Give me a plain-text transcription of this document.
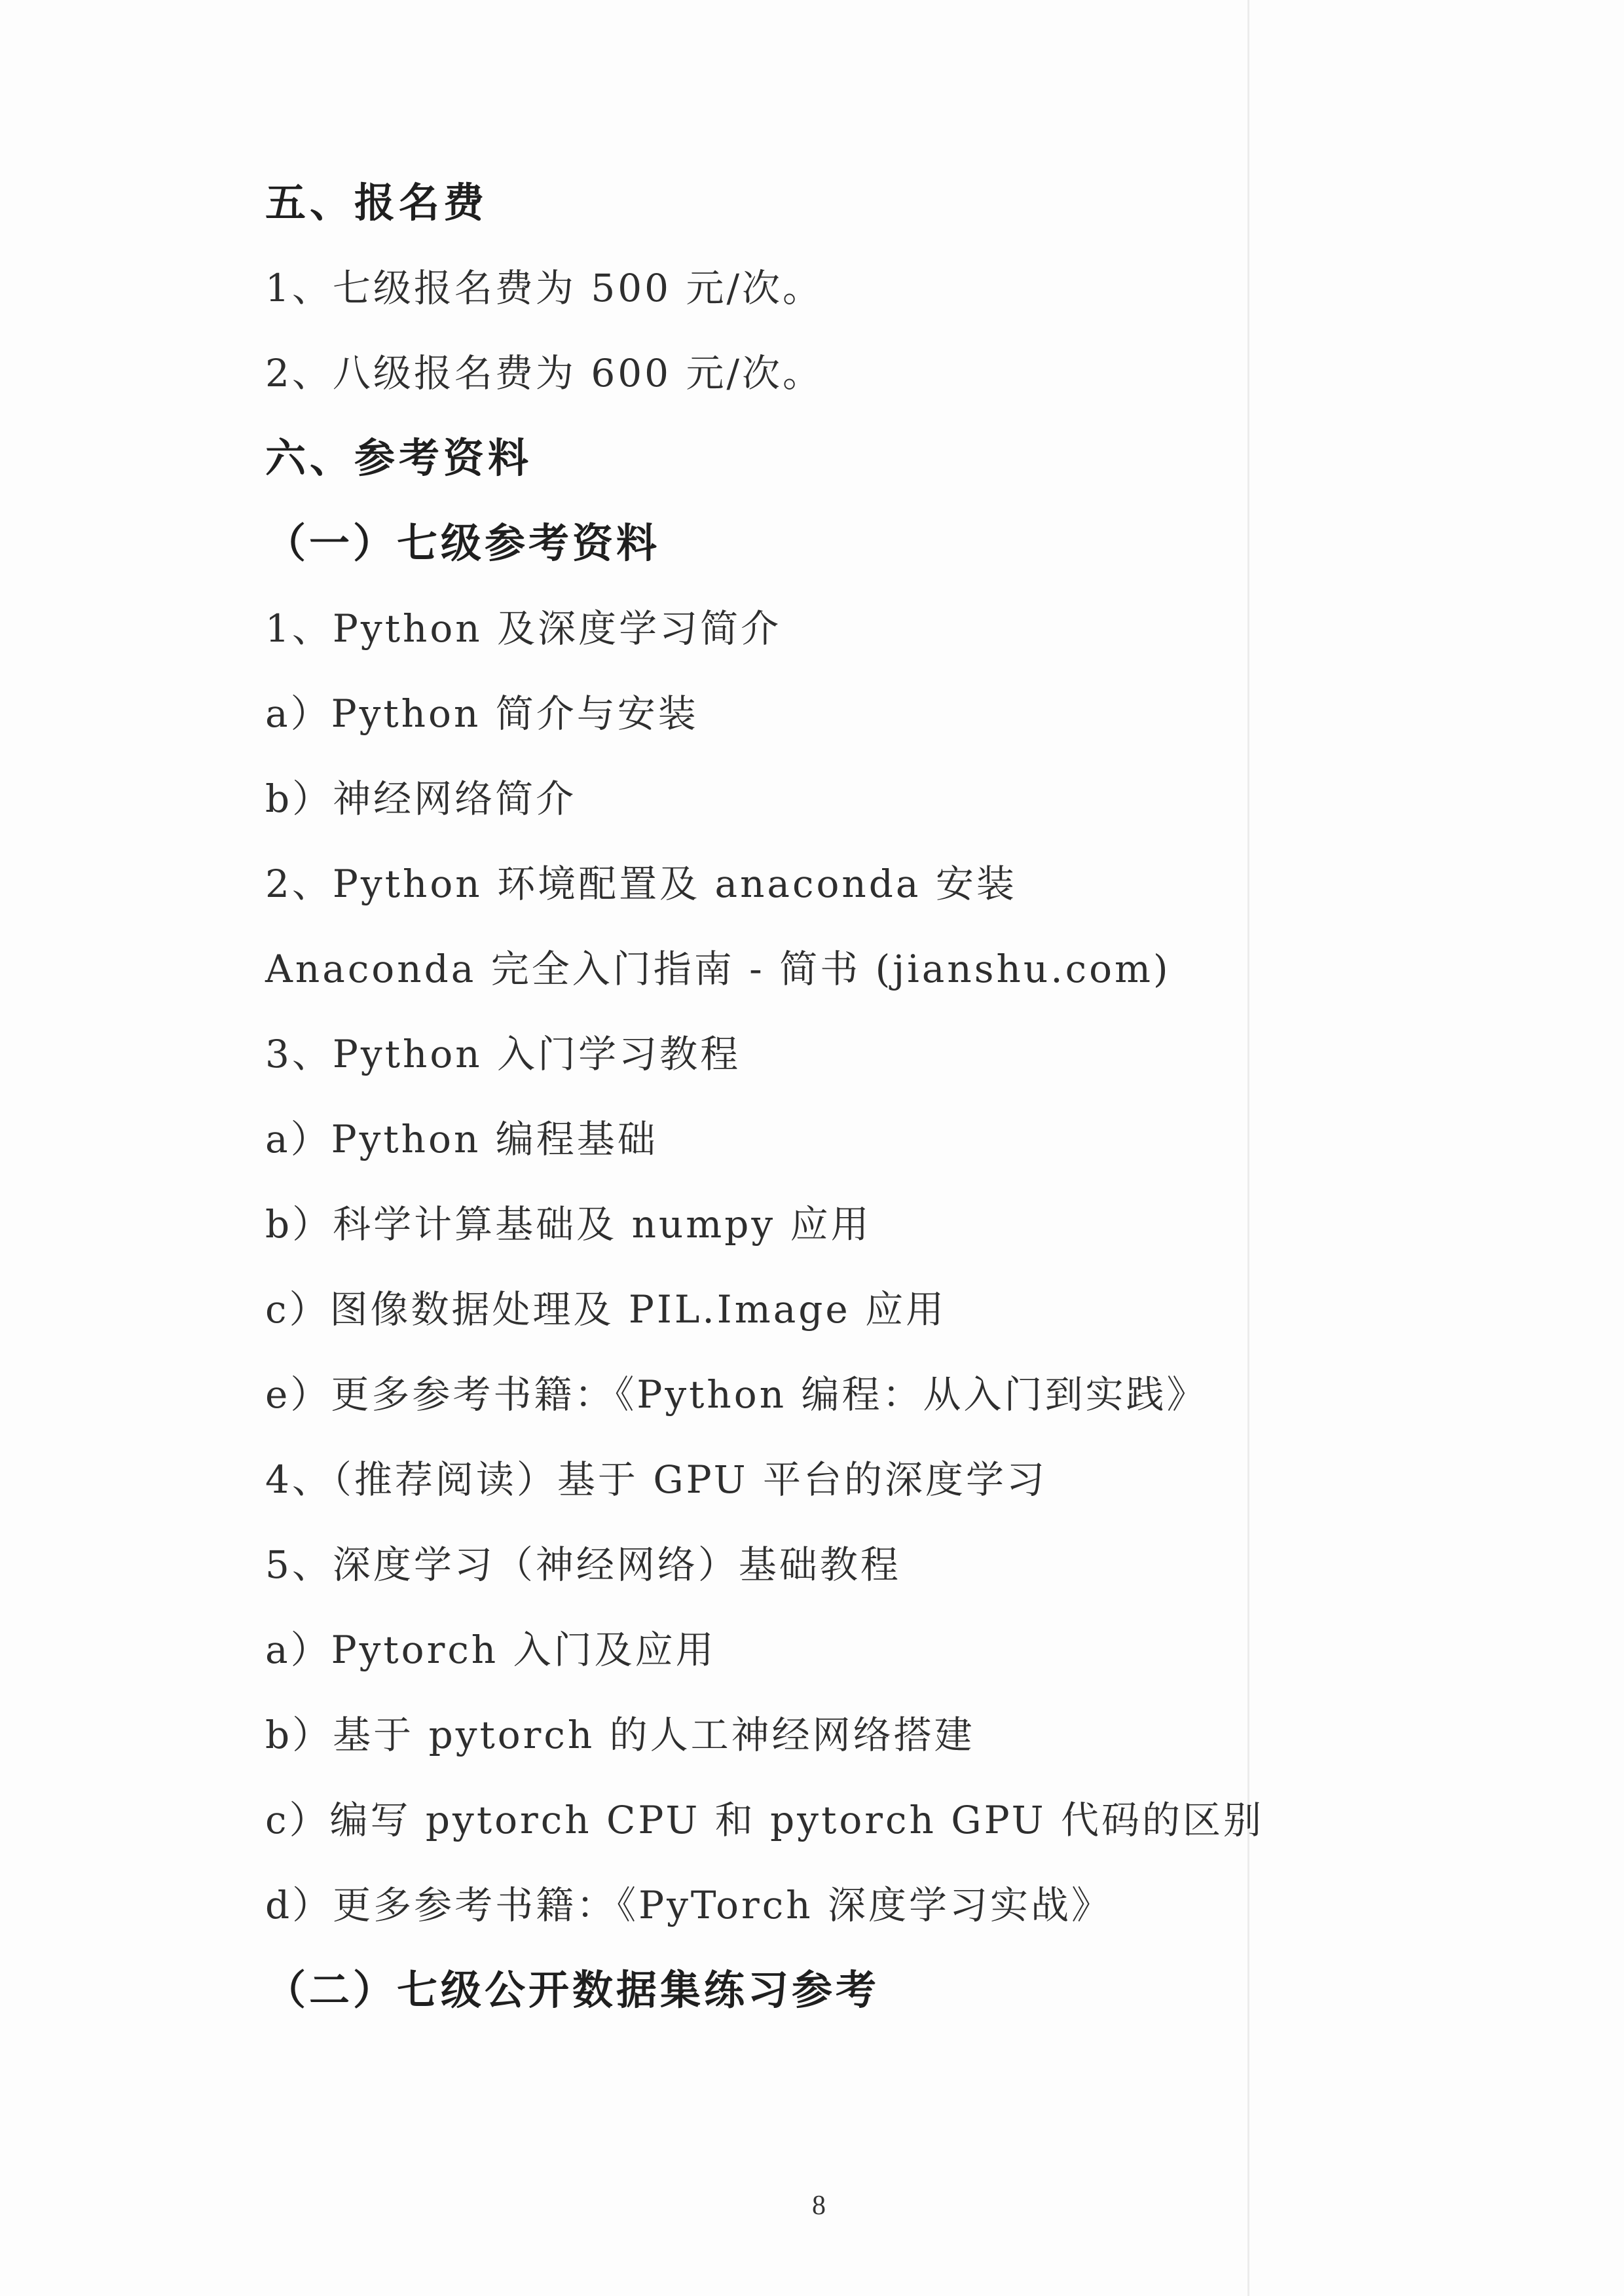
五、报名费
1、七级报名费为 500 元/次。
2、八级报名费为 600 元/次。
六、参考资料
（一）七级参考资料
1、Python 及深度学习简介
a）Python 简介与安装
b）神经网络简介
2、Python 环境配置及 anaconda 安装
Anaconda 完全入门指南 - 简书 (jianshu.com)
3、Python 入门学习教程
a）Python 编程基础
b）科学计算基础及 numpy 应用
c）图像数据处理及 PIL.Image 应用
e）更多参考书籍：《Python 编程：从入门到实践》
4、（推荐阅读）基于 GPU 平台的深度学习
5、深度学习（神经网络）基础教程
a）Pytorch 入门及应用
b）基于 pytorch 的人工神经网络搭建
c）编写 pytorch CPU 和 pytorch GPU 代码的区别
d）更多参考书籍：《PyTorch 深度学习实战》
（二）七级公开数据集练习参考
8
